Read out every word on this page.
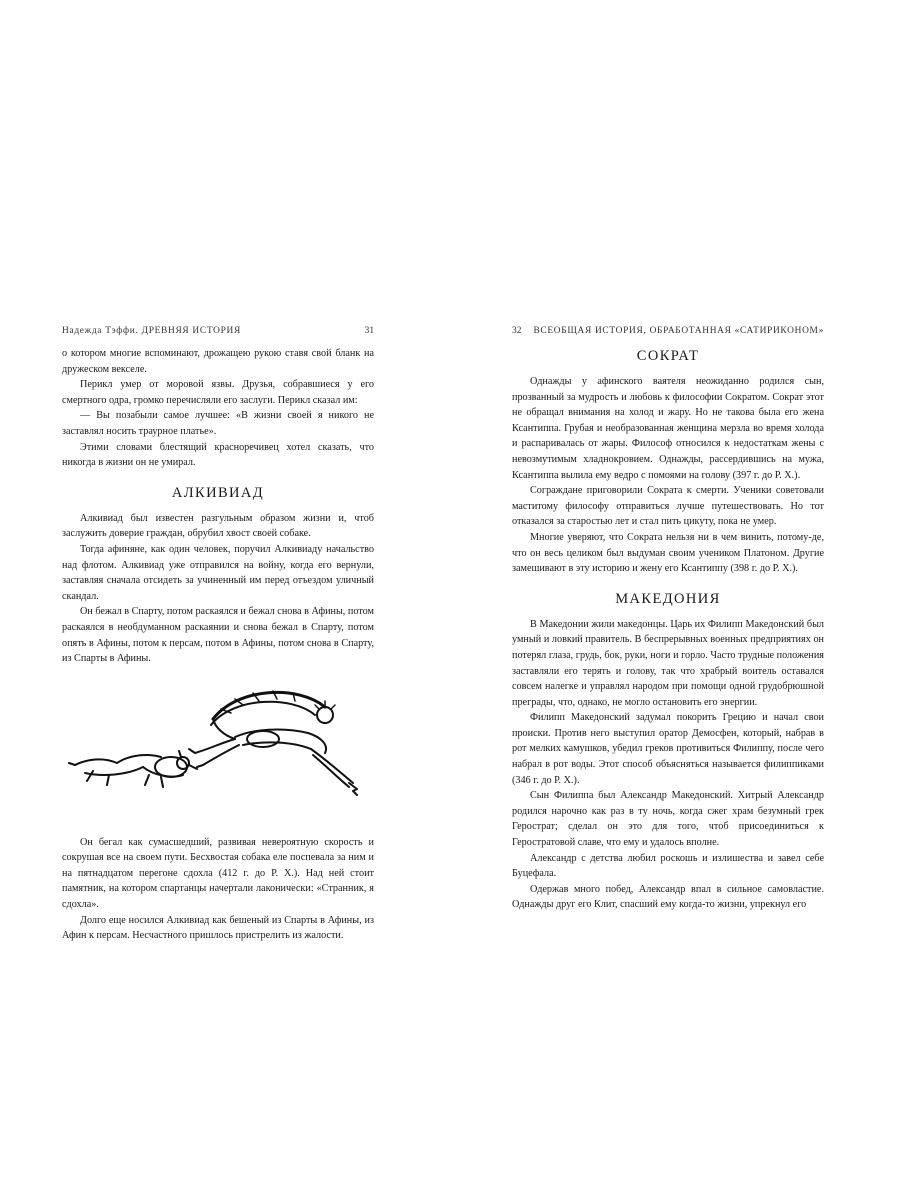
Надежда Тэффи. ДРЕВНЯЯ ИСТОРИЯ	31

о котором многие вспоминают, дрожащею рукою ставя свой бланк на дружеском векселе.

Перикл умер от моровой язвы. Друзья, собравшиеся у его смертного одра, громко перечисляли его заслуги. Перикл сказал им:

— Вы позабыли самое лучшее: «В жизни своей я никого не заставлял носить траурное платье».

Этими словами блестящий красноречивец хотел сказать, что никогда в жизни он не умирал.

АЛКИВИАД

Алкивиад был известен разгульным образом жизни и, чтоб заслужить доверие граждан, обрубил хвост своей собаке.

Тогда афиняне, как один человек, поручил Алкивиаду начальство над флотом. Алкивиад уже отправился на войну, когда его вернули, заставляя сначала отсидеть за учиненный им перед отъездом уличный скандал.

Он бежал в Спарту, потом раскаялся и бежал снова в Афины, потом раскаялся в необдуманном раскаянии и снова бежал в Спарту, потом опять в Афины, потом к персам, потом в Афины, потом снова в Спарту, из Спарты в Афины.

Он бегал как сумасшедший, развивая невероятную скорость и сокрушая все на своем пути. Бесхвостая собака еле поспевала за ним и на пятнадцатом перегоне сдохла (412 г. до Р. Х.). Над ней стоит памятник, на котором спартанцы начертали лаконически: «Странник, я сдохла».

Долго еще носился Алкивиад как бешеный из Спарты в Афины, из Афин к персам. Несчастного пришлось пристрелить из жалости.

32 ВСЕОБЩАЯ ИСТОРИЯ, ОБРАБОТАННАЯ «САТИРИКОНОМ»
СОКРАТ

Однажды у афинского ваятеля неожиданно родился сын, прозванный за мудрость и любовь к философии Сократом. Сократ этот не обращал внимания на холод и жару. Но не такова была его жена Ксантиппа. Грубая и необразованная женщина мерзла во время холода и распаривалась от жары. Философ относился к недостаткам жены с невозмутимым хладнокровием. Однажды, рассердившись на мужа, Ксантиппа вылила ему ведро с помоями на голову (397 г. до Р. Х.).

Сограждане приговорили Сократа к смерти. Ученики советовали маститому философу отправиться лучше путешествовать. Но тот отказался за старостью лет и стал пить цикуту, пока не умер.

Многие уверяют, что Сократа нельзя ни в чем винить, потому-де, что он весь целиком был выдуман своим учеником Платоном. Другие замешивают в эту историю и жену его Ксантиппу (398 г. до Р. Х.).

МАКЕДОНИЯ

В Македонии жили македонцы. Царь их Филипп Македонский был умный и ловкий правитель. В беспрерывных военных предприятиях он потерял глаза, грудь, бок, руки, ноги и горло. Часто трудные положения заставляли его терять и голову, так что храбрый воитель оставался совсем налегке и управлял народом при помощи одной грудобрюшной преграды, что, однако, не могло остановить его энергии.

Филипп Македонский задумал покорить Грецию и начал свои происки. Против него выступил оратор Демосфен, который, набрав в рот мелких камушков, убедил греков противиться Филиппу, после чего набрал в рот воды. Этот способ объясняться называется филиппиками (346 г. до Р. Х.).

Сын Филиппа был Александр Македонский. Хитрый Александр родился нарочно как раз в ту ночь, когда сжег храм безумный грек Герострат; сделал он это для того, чтоб присоединиться к Геростратовой славе, что ему и удалось вполне.

Александр с детства любил роскошь и излишества и завел себе Буцефала.

Одержав много побед, Александр впал в сильное самовластие. Однажды друг его Клит, спасший ему когда-то жизни, упрекнул его
